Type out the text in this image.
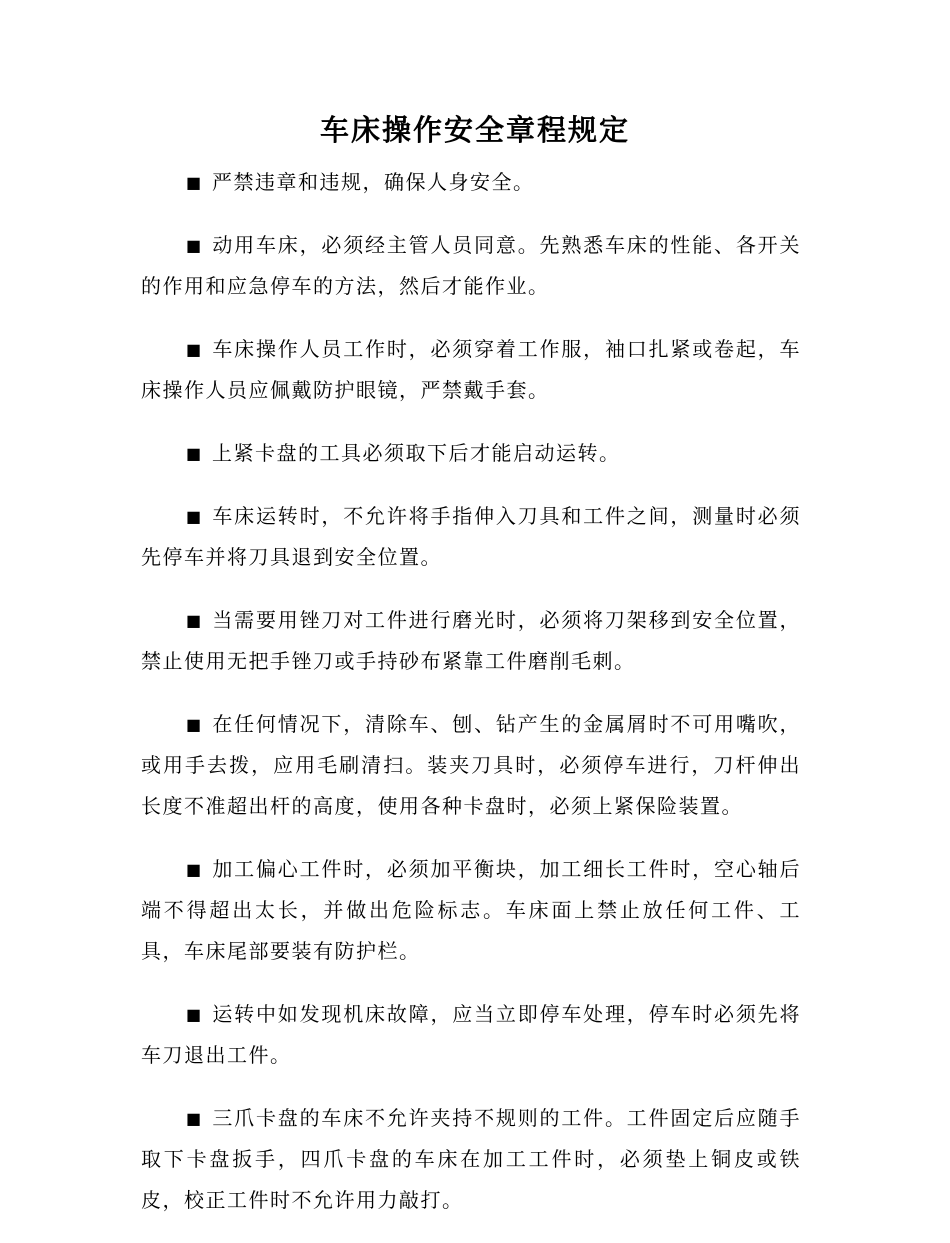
车床操作安全章程规定

■ 严禁违章和违规，确保人身安全。

■ 动用车床，必须经主管人员同意。先熟悉车床的性能、各开关的作用和应急停车的方法，然后才能作业。

■ 车床操作人员工作时，必须穿着工作服，袖口扎紧或卷起，车床操作人员应佩戴防护眼镜，严禁戴手套。

■ 上紧卡盘的工具必须取下后才能启动运转。

■ 车床运转时，不允许将手指伸入刀具和工件之间，测量时必须先停车并将刀具退到安全位置。

■ 当需要用锉刀对工件进行磨光时，必须将刀架移到安全位置，禁止使用无把手锉刀或手持砂布紧靠工件磨削毛刺。

■ 在任何情况下，清除车、刨、钻产生的金属屑时不可用嘴吹，或用手去拨，应用毛刷清扫。装夹刀具时，必须停车进行，刀杆伸出长度不准超出杆的高度，使用各种卡盘时，必须上紧保险装置。

■ 加工偏心工件时，必须加平衡块，加工细长工件时，空心轴后端不得超出太长，并做出危险标志。车床面上禁止放任何工件、工具，车床尾部要装有防护栏。

■ 运转中如发现机床故障，应当立即停车处理，停车时必须先将车刀退出工件。

■ 三爪卡盘的车床不允许夹持不规则的工件。工件固定后应随手取下卡盘扳手，四爪卡盘的车床在加工工件时，必须垫上铜皮或铁皮，校正工件时不允许用力敲打。
